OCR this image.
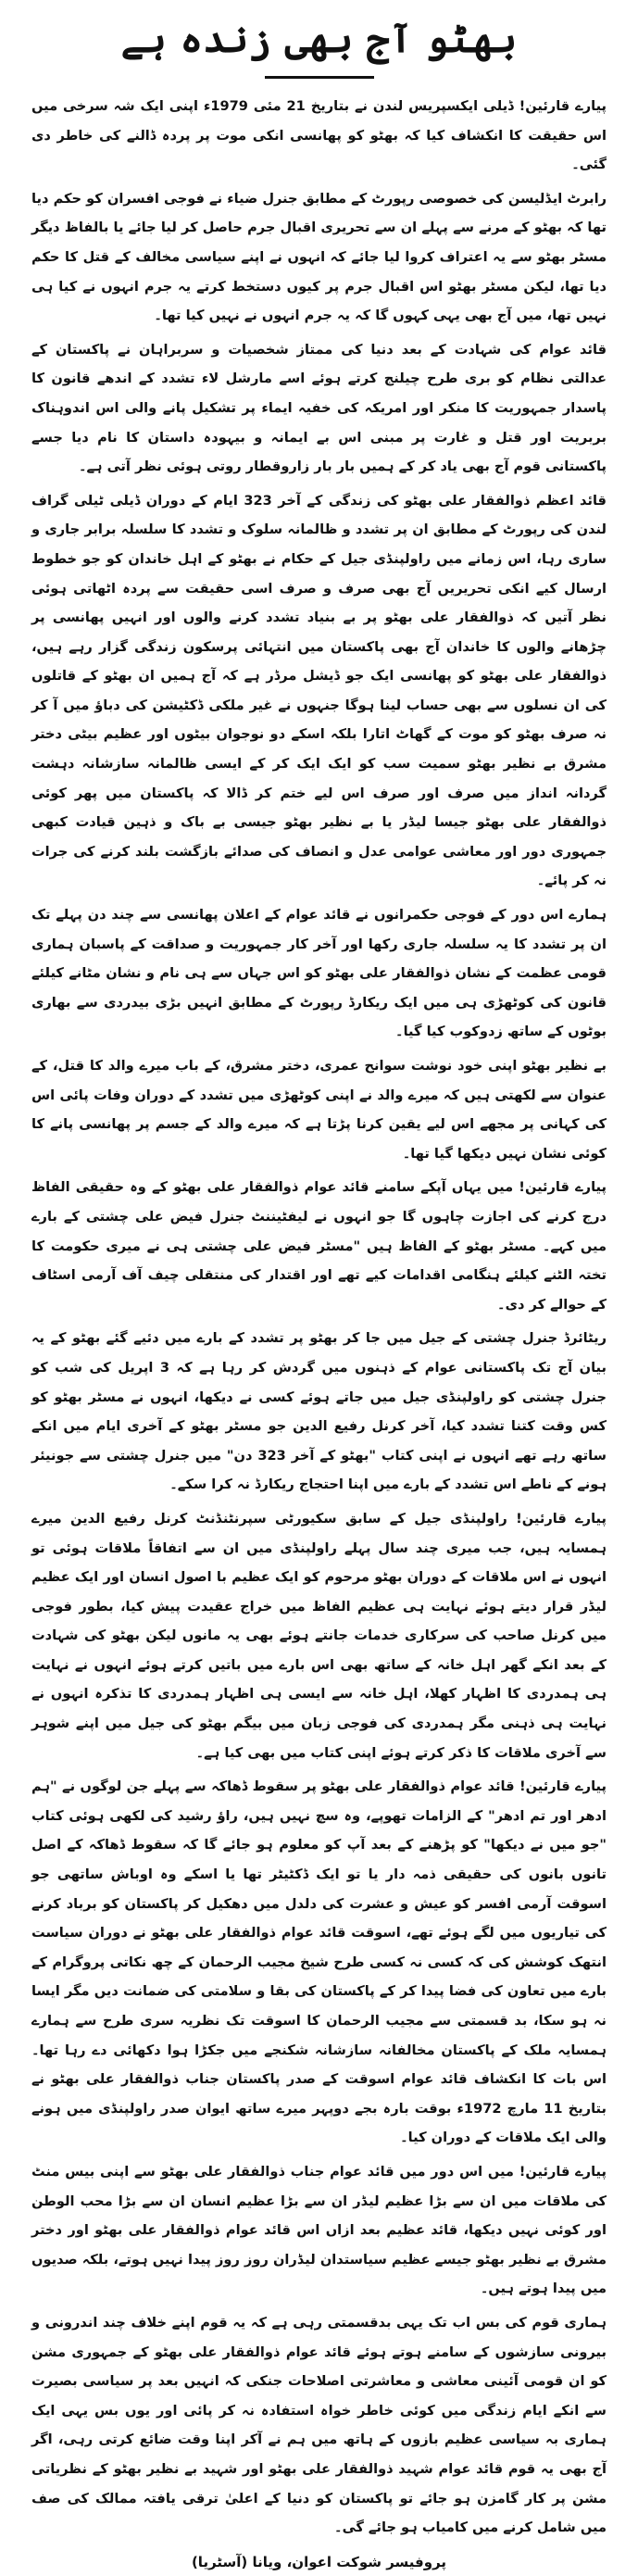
بھٹو آج بھی زندہ ہے

پیارے قارئین! ڈیلی ایکسپریس لندن نے بتاریخ 21 مئی 1979ء اپنی ایک شہ سرخی میں اس حقیقت کا انکشاف کیا کہ بھٹو کو پھانسی انکی موت پر پردہ ڈالنے کی خاطر دی گئی۔

رابرٹ ایڈلیسن کی خصوصی رپورٹ کے مطابق جنرل ضیاء نے فوجی افسران کو حکم دیا تھا کہ بھٹو کے مرنے سے پہلے ان سے تحریری اقبال جرم حاصل کر لیا جائے یا بالفاظ دیگر مسٹر بھٹو سے یہ اعتراف کروا لیا جائے کہ انہوں نے اپنے سیاسی مخالف کے قتل کا حکم دیا تھا، لیکن مسٹر بھٹو اس اقبال جرم پر کیوں دستخط کرتے یہ جرم انہوں نے کیا ہی نہیں تھا، میں آج بھی یہی کہوں گا کہ یہ جرم انہوں نے نہیں کیا تھا۔

قائد عوام کی شہادت کے بعد دنیا کی ممتاز شخصیات و سربراہان نے پاکستان کے عدالتی نظام کو بری طرح چیلنج کرتے ہوئے اسے مارشل لاء تشدد کے اندھے قانون کا پاسدار جمہوریت کا منکر اور امریکہ کی خفیہ ایماء پر تشکیل پانے والی اس اندوہناک بربریت اور قتل و غارت پر مبنی اس بے ایمانہ و بیہودہ داستان کا نام دیا جسے پاکستانی قوم آج بھی یاد کر کے ہمیں بار بار زاروقطار روتی ہوئی نظر آتی ہے۔

قائد اعظم ذوالفقار علی بھٹو کی زندگی کے آخر 323 ایام کے دوران ڈیلی ٹیلی گراف لندن کی رپورٹ کے مطابق ان پر تشدد و ظالمانہ سلوک و تشدد کا سلسلہ برابر جاری و ساری رہا، اس زمانے میں راولپنڈی جیل کے حکام نے بھٹو کے اہل خاندان کو جو خطوط ارسال کیے انکی تحریریں آج بھی صرف و صرف اسی حقیقت سے پردہ اٹھاتی ہوئی نظر آتیں کہ ذوالفقار علی بھٹو پر بے بنیاد تشدد کرنے والوں اور انہیں پھانسی پر چڑھانے والوں کا خاندان آج بھی پاکستان میں انتہائی پرسکون زندگی گزار رہے ہیں، ذوالفقار علی بھٹو کو پھانسی ایک جو ڈیشل مرڈر ہے کہ آج ہمیں ان بھٹو کے قاتلوں کی ان نسلوں سے بھی حساب لینا ہوگا جنہوں نے غیر ملکی ڈکٹیشن کی دباؤ میں آ کر نہ صرف بھٹو کو موت کے گھاٹ اتارا بلکہ اسکے دو نوجوان بیٹوں اور عظیم بیٹی دختر مشرق بے نظیر بھٹو سمیت سب کو ایک ایک کر کے ایسی ظالمانہ سازشانہ دہشت گردانہ انداز میں صرف اور صرف اس لیے ختم کر ڈالا کہ پاکستان میں پھر کوئی ذوالفقار علی بھٹو جیسا لیڈر یا بے نظیر بھٹو جیسی بے باک و ذہین قیادت کبھی جمہوری دور اور معاشی عوامی عدل و انصاف کی صدائے بازگشت بلند کرنے کی جرات نہ کر پائے۔

ہمارے اس دور کے فوجی حکمرانوں نے قائد عوام کے اعلان پھانسی سے چند دن پہلے تک ان پر تشدد کا یہ سلسلہ جاری رکھا اور آخر کار جمہوریت و صداقت کے پاسبان ہماری قومی عظمت کے نشان ذوالفقار علی بھٹو کو اس جہاں سے ہی نام و نشان مٹانے کیلئے قانون کی کوٹھڑی ہی میں ایک ریکارڈ رپورٹ کے مطابق انہیں بڑی بیدردی سے بھاری بوٹوں کے ساتھ زدوکوب کیا گیا۔

بے نظیر بھٹو اپنی خود نوشت سوانح عمری، دختر مشرق، کے باب میرے والد کا قتل، کے عنوان سے لکھتی ہیں کہ میرے والد نے اپنی کوٹھڑی میں تشدد کے دوران وفات پائی اس کی کہانی پر مجھے اس لیے یقین کرنا پڑتا ہے کہ میرے والد کے جسم پر پھانسی پانے کا کوئی نشان نہیں دیکھا گیا تھا۔

پیارے قارئین! میں یہاں آپکے سامنے قائد عوام ذوالفقار علی بھٹو کے وہ حقیقی الفاظ درج کرنے کی اجازت چاہوں گا جو انہوں نے لیفٹیننٹ جنرل فیض علی چشتی کے بارے میں کہے۔ مسٹر بھٹو کے الفاظ ہیں "مسٹر فیض علی چشتی ہی نے میری حکومت کا تختہ الٹنے کیلئے ہنگامی اقدامات کیے تھے اور اقتدار کی منتقلی چیف آف آرمی اسٹاف کے حوالے کر دی۔

ریٹائرڈ جنرل چشتی کے جیل میں جا کر بھٹو پر تشدد کے بارے میں دئیے گئے بھٹو کے یہ بیان آج تک پاکستانی عوام کے ذہنوں میں گردش کر رہا ہے کہ 3 اپریل کی شب کو جنرل چشتی کو راولپنڈی جیل میں جاتے ہوئے کسی نے دیکھا، انہوں نے مسٹر بھٹو کو کس وقت کتنا تشدد کیا، آخر کرنل رفیع الدین جو مسٹر بھٹو کے آخری ایام میں انکے ساتھ رہے تھے انہوں نے اپنی کتاب "بھٹو کے آخر 323 دن" میں جنرل چشتی سے جونیئر ہونے کے ناطے اس تشدد کے بارے میں اپنا احتجاج ریکارڈ نہ کرا سکے۔

پیارے قارئین! راولپنڈی جیل کے سابق سکیورٹی سپرنٹنڈنٹ کرنل رفیع الدین میرے ہمسایہ ہیں، جب میری چند سال پہلے راولپنڈی میں ان سے اتفاقاً ملاقات ہوئی تو انہوں نے اس ملاقات کے دوران بھٹو مرحوم کو ایک عظیم با اصول انسان اور ایک عظیم لیڈر قرار دیتے ہوئے نہایت ہی عظیم الفاظ میں خراج عقیدت پیش کیا، بطور فوجی میں کرنل صاحب کی سرکاری خدمات جانتے ہوئے بھی یہ مانوں لیکن بھٹو کی شہادت کے بعد انکے گھر اہل خانہ کے ساتھ بھی اس بارے میں باتیں کرتے ہوئے انہوں نے نہایت ہی ہمدردی کا اظہار کھلا، اہل خانہ سے ایسی ہی اظہار ہمدردی کا تذکرہ انہوں نے نہایت ہی ذہنی مگر ہمدردی کی فوجی زبان میں بیگم بھٹو کی جیل میں اپنے شوہر سے آخری ملاقات کا ذکر کرتے ہوئے اپنی کتاب میں بھی کیا ہے۔

پیارے قارئین! قائد عوام ذوالفقار علی بھٹو پر سقوط ڈھاکہ سے پہلے جن لوگوں نے "ہم ادھر اور تم ادھر" کے الزامات تھوپے، وہ سچ نہیں ہیں، راؤ رشید کی لکھی ہوئی کتاب "جو میں نے دیکھا" کو پڑھنے کے بعد آپ کو معلوم ہو جائے گا کہ سقوط ڈھاکہ کے اصل تانوں بانوں کی حقیقی ذمہ دار یا تو ایک ڈکٹیٹر تھا یا اسکے وہ اوباش ساتھی جو اسوقت آرمی افسر کو عیش و عشرت کی دلدل میں دھکیل کر پاکستان کو برباد کرنے کی تیاریوں میں لگے ہوئے تھے، اسوقت قائد عوام ذوالفقار علی بھٹو نے دوران سیاست انتھک کوشش کی کہ کسی نہ کسی طرح شیخ مجیب الرحمان کے چھ نکاتی پروگرام کے بارے میں تعاون کی فضا پیدا کر کے پاکستان کی بقا و سلامتی کی ضمانت دیں مگر ایسا نہ ہو سکا، بد قسمتی سے مجیب الرحمان کا اسوقت تک نظریہ سری طرح سے ہمارے ہمسایہ ملک کے پاکستان مخالفانہ سازشانہ شکنجے میں جکڑا ہوا دکھائی دے رہا تھا۔ اس بات کا انکشاف قائد عوام اسوقت کے صدر پاکستان جناب ذوالفقار علی بھٹو نے بتاریخ 11 مارچ 1972ء بوقت بارہ بجے دوپہر میرے ساتھ ایوان صدر راولپنڈی میں ہونے والی ایک ملاقات کے دوران کیا۔

پیارے قارئین! میں اس دور میں قائد عوام جناب ذوالفقار علی بھٹو سے اپنی بیس منٹ کی ملاقات میں ان سے بڑا عظیم لیڈر ان سے بڑا عظیم انسان ان سے بڑا محب الوطن اور کوئی نہیں دیکھا، قائد عظیم بعد ازاں اس قائد عوام ذوالفقار علی بھٹو اور دختر مشرق بے نظیر بھٹو جیسے عظیم سیاستدان لیڈران روز روز پیدا نہیں ہوتے، بلکہ صدیوں میں پیدا ہوتے ہیں۔

ہماری قوم کی بس اب تک یہی بدقسمتی رہی ہے کہ یہ قوم اپنے خلاف چند اندرونی و بیرونی سازشوں کے سامنے ہوتے ہوئے قائد عوام ذوالفقار علی بھٹو کے جمہوری مشن کو ان قومی آئینی معاشی و معاشرتی اصلاحات جنکی کہ انہیں بعد پر سیاسی بصیرت سے انکے ایام زندگی میں کوئی خاطر خواہ استفادہ نہ کر پائی اور یوں بس یہی ایک ہماری بہ سیاسی عظیم بازوں کے ہاتھ میں ہم نے آکر اپنا وقت ضائع کرتی رہی، اگر آج بھی یہ قوم قائد عوام شہید ذوالفقار علی بھٹو اور شہید بے نظیر بھٹو کے نظریاتی مشن پر کار گامزن ہو جائے تو پاکستان کو دنیا کے اعلیٰ ترقی یافتہ ممالک کی صف میں شامل کرنے میں کامیاب ہو جائے گی۔

پروفیسر شوکت اعوان، ویانا (آسٹریا)
